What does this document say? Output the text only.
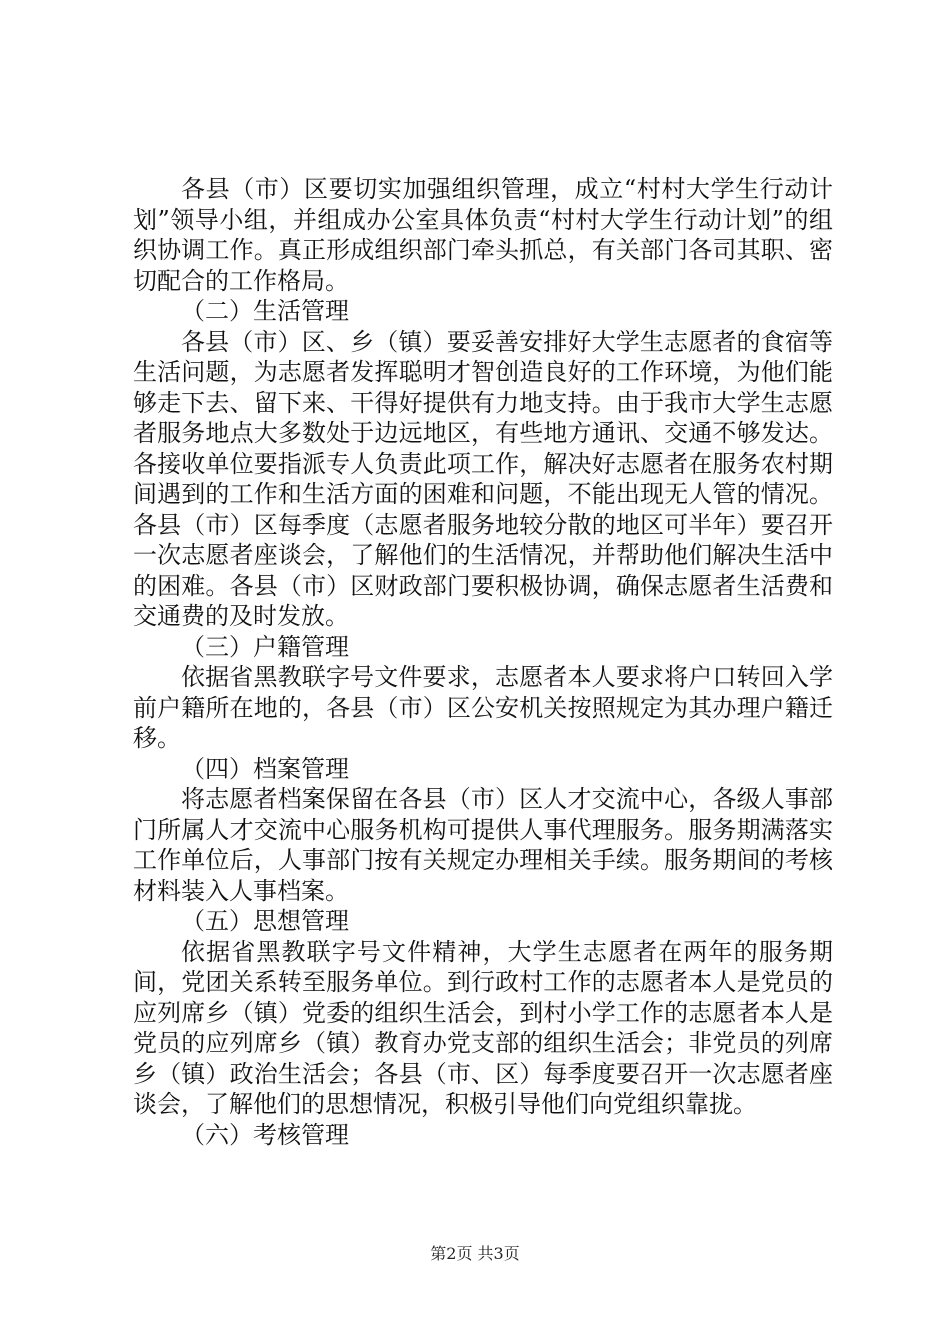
各县（市）区要切实加强组织管理，成立“村村大学生行动计划”领导小组，并组成办公室具体负责“村村大学生行动计划”的组织协调工作。真正形成组织部门牵头抓总，有关部门各司其职、密切配合的工作格局。

（二）生活管理

各县（市）区、乡（镇）要妥善安排好大学生志愿者的食宿等生活问题，为志愿者发挥聪明才智创造良好的工作环境，为他们能够走下去、留下来、干得好提供有力地支持。由于我市大学生志愿者服务地点大多数处于边远地区，有些地方通讯、交通不够发达。各接收单位要指派专人负责此项工作，解决好志愿者在服务农村期间遇到的工作和生活方面的困难和问题，不能出现无人管的情况。各县（市）区每季度（志愿者服务地较分散的地区可半年）要召开一次志愿者座谈会，了解他们的生活情况，并帮助他们解决生活中的困难。各县（市）区财政部门要积极协调，确保志愿者生活费和交通费的及时发放。

（三）户籍管理

依据省黑教联字号文件要求，志愿者本人要求将户口转回入学前户籍所在地的，各县（市）区公安机关按照规定为其办理户籍迁移。

（四）档案管理

将志愿者档案保留在各县（市）区人才交流中心，各级人事部门所属人才交流中心服务机构可提供人事代理服务。服务期满落实工作单位后，人事部门按有关规定办理相关手续。服务期间的考核材料装入人事档案。

（五）思想管理

依据省黑教联字号文件精神，大学生志愿者在两年的服务期间，党团关系转至服务单位。到行政村工作的志愿者本人是党员的应列席乡（镇）党委的组织生活会，到村小学工作的志愿者本人是党员的应列席乡（镇）教育办党支部的组织生活会；非党员的列席乡（镇）政治生活会；各县（市、区）每季度要召开一次志愿者座谈会，了解他们的思想情况，积极引导他们向党组织靠拢。

（六）考核管理

第2页 共3页
